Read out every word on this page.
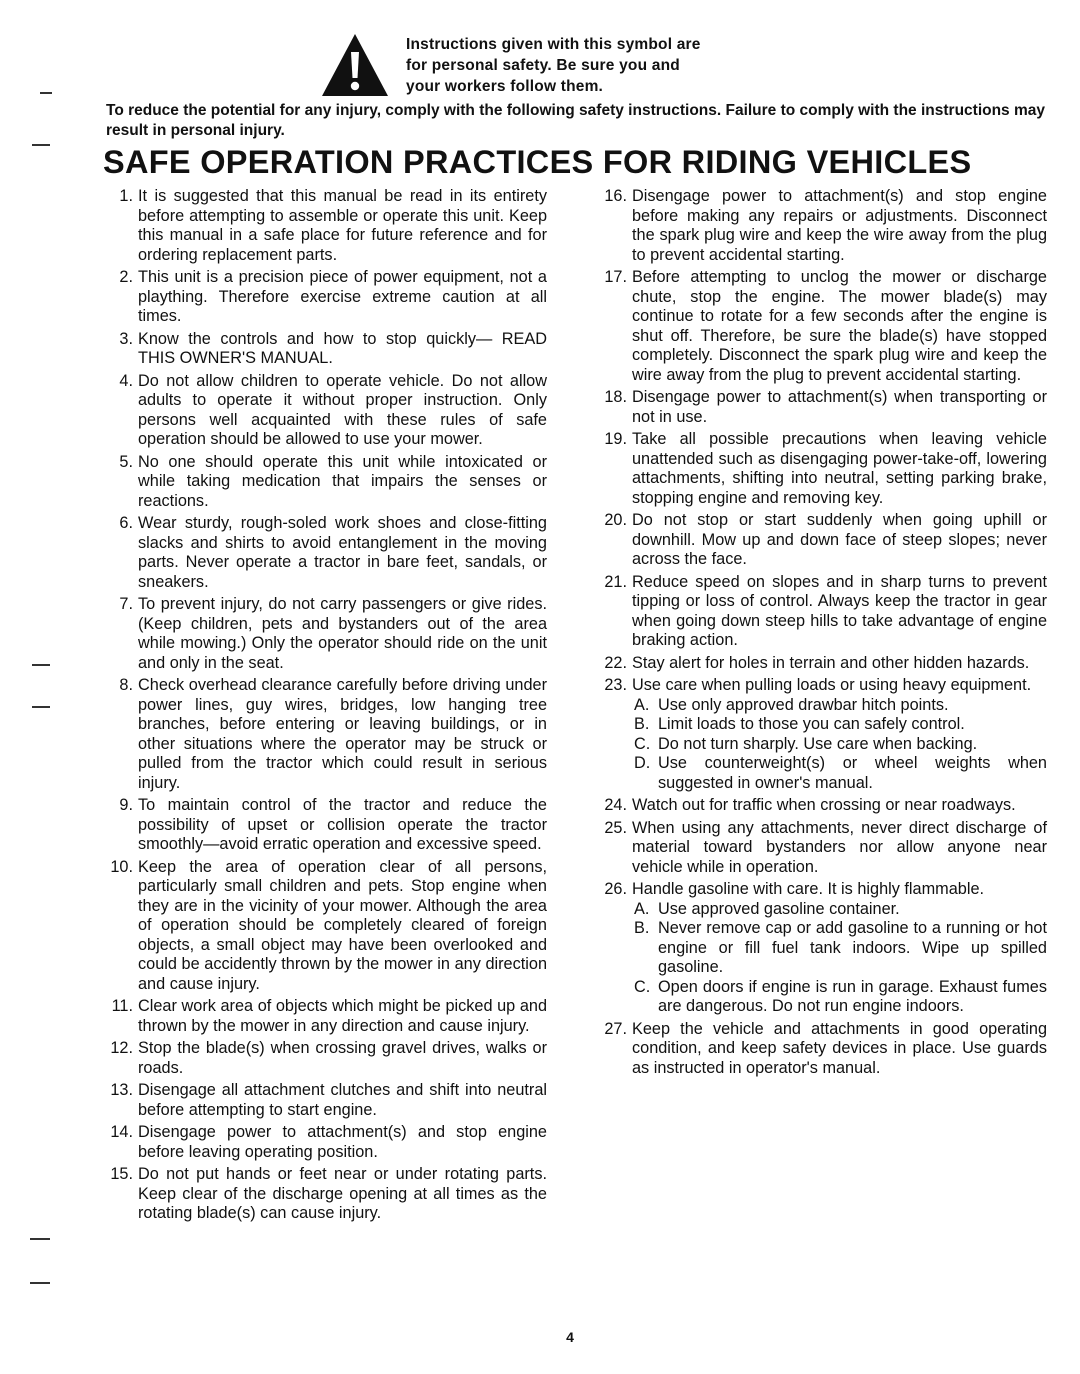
Instructions given with this symbol are
for personal safety. Be sure you and
your workers follow them.
To reduce the potential for any injury, comply with the following safety instructions. Failure to comply with the instructions may result in personal injury.
SAFE OPERATION PRACTICES FOR RIDING VEHICLES
1. It is suggested that this manual be read in its entirety before attempting to assemble or operate this unit. Keep this manual in a safe place for future reference and for ordering replacement parts.
2. This unit is a precision piece of power equipment, not a plaything. Therefore exercise extreme caution at all times.
3. Know the controls and how to stop quickly— READ THIS OWNER'S MANUAL.
4. Do not allow children to operate vehicle. Do not allow adults to operate it without proper instruction. Only persons well acquainted with these rules of safe operation should be allowed to use your mower.
5. No one should operate this unit while intoxicated or while taking medication that impairs the senses or reactions.
6. Wear sturdy, rough-soled work shoes and close-fitting slacks and shirts to avoid entanglement in the moving parts. Never operate a tractor in bare feet, sandals, or sneakers.
7. To prevent injury, do not carry passengers or give rides. (Keep children, pets and bystanders out of the area while mowing.) Only the operator should ride on the unit and only in the seat.
8. Check overhead clearance carefully before driving under power lines, guy wires, bridges, low hanging tree branches, before entering or leaving buildings, or in other situations where the operator may be struck or pulled from the tractor which could result in serious injury.
9. To maintain control of the tractor and reduce the possibility of upset or collision operate the tractor smoothly—avoid erratic operation and excessive speed.
10. Keep the area of operation clear of all persons, particularly small children and pets. Stop engine when they are in the vicinity of your mower. Although the area of operation should be completely cleared of foreign objects, a small object may have been overlooked and could be accidently thrown by the mower in any direction and cause injury.
11. Clear work area of objects which might be picked up and thrown by the mower in any direction and cause injury.
12. Stop the blade(s) when crossing gravel drives, walks or roads.
13. Disengage all attachment clutches and shift into neutral before attempting to start engine.
14. Disengage power to attachment(s) and stop engine before leaving operating position.
15. Do not put hands or feet near or under rotating parts. Keep clear of the discharge opening at all times as the rotating blade(s) can cause injury.
16. Disengage power to attachment(s) and stop engine before making any repairs or adjustments. Disconnect the spark plug wire and keep the wire away from the plug to prevent accidental starting.
17. Before attempting to unclog the mower or discharge chute, stop the engine. The mower blade(s) may continue to rotate for a few seconds after the engine is shut off. Therefore, be sure the blade(s) have stopped completely. Disconnect the spark plug wire and keep the wire away from the plug to prevent accidental starting.
18. Disengage power to attachment(s) when transporting or not in use.
19. Take all possible precautions when leaving vehicle unattended such as disengaging power-take-off, lowering attachments, shifting into neutral, setting parking brake, stopping engine and removing key.
20. Do not stop or start suddenly when going uphill or downhill. Mow up and down face of steep slopes; never across the face.
21. Reduce speed on slopes and in sharp turns to prevent tipping or loss of control. Always keep the tractor in gear when going down steep hills to take advantage of engine braking action.
22. Stay alert for holes in terrain and other hidden hazards.
23. Use care when pulling loads or using heavy equipment.
A. Use only approved drawbar hitch points.
B. Limit loads to those you can safely control.
C. Do not turn sharply. Use care when backing.
D. Use counterweight(s) or wheel weights when suggested in owner's manual.
24. Watch out for traffic when crossing or near roadways.
25. When using any attachments, never direct discharge of material toward bystanders nor allow anyone near vehicle while in operation.
26. Handle gasoline with care. It is highly flammable.
A. Use approved gasoline container.
B. Never remove cap or add gasoline to a running or hot engine or fill fuel tank indoors. Wipe up spilled gasoline.
C. Open doors if engine is run in garage. Exhaust fumes are dangerous. Do not run engine indoors.
27. Keep the vehicle and attachments in good operating condition, and keep safety devices in place. Use guards as instructed in operator's manual.
4
